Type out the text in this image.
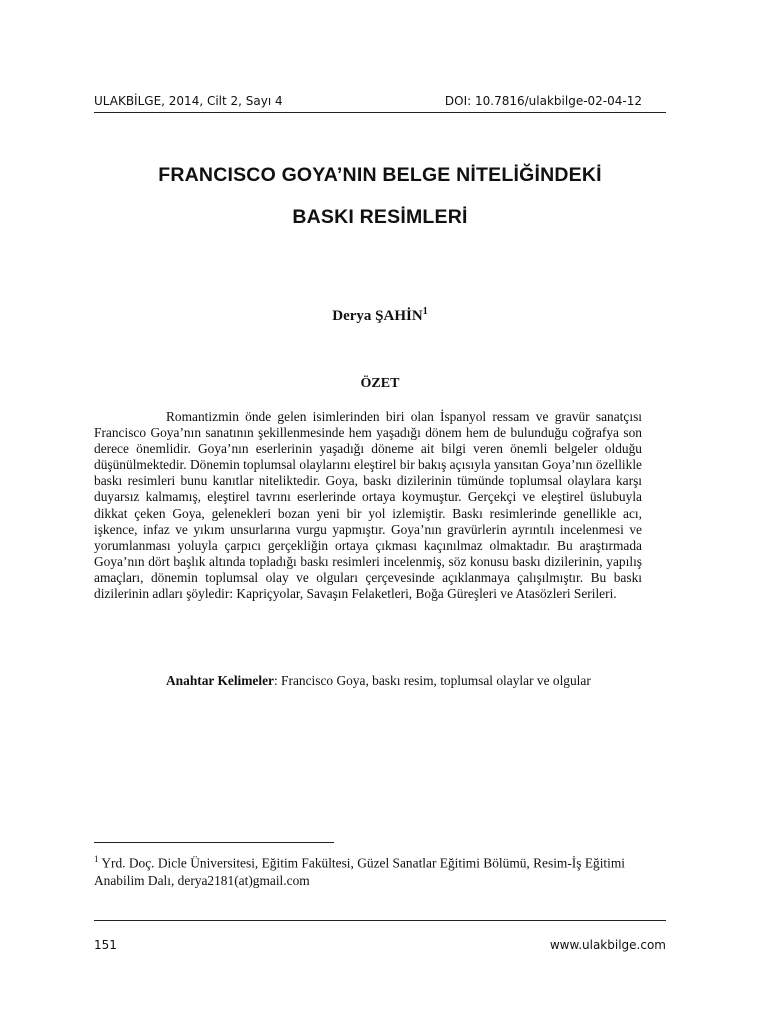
ULAKBİLGE, 2014, Cilt 2, Sayı 4	DOI: 10.7816/ulakbilge-02-04-12
FRANCISCO GOYA’NIN BELGE NİTELİĞİNDEKİ
BASKI RESİMLERİ
Derya ŞAHİN$^1$
ÖZET

Romantizmin önde gelen isimlerinden biri olan İspanyol ressam ve gravür sanatçısı Francisco Goya’nın sanatının şekillenmesinde hem yaşadığı dönem hem de bulunduğu coğrafya son derece önemlidir. Goya’nın eserlerinin yaşadığı döneme ait bilgi veren önemli belgeler olduğu düşünülmektedir. Dönemin toplumsal olaylarını eleştirel bir bakış açısıyla yansıtan Goya’nın özellikle baskı resimleri bunu kanıtlar niteliktedir. Goya, baskı dizilerinin tümünde toplumsal olaylara karşı duyarsız kalmamış, eleştirel tavrını eserlerinde ortaya koymuştur. Gerçekçi ve eleştirel üslubuyla dikkat çeken Goya, gelenekleri bozan yeni bir yol izlemiştir. Baskı resimlerinde genellikle acı, işkence, infaz ve yıkım unsurlarına vurgu yapmıştır. Goya’nın gravürlerin ayrıntılı incelenmesi ve yorumlanması yoluyla çarpıcı gerçekliğin ortaya çıkması kaçınılmaz olmaktadır. Bu araştırmada Goya’nın dört başlık altında topladığı baskı resimleri incelenmiş, söz konusu baskı dizilerinin, yapılış amaçları, dönemin toplumsal olay ve olguları çerçevesinde açıklanmaya çalışılmıştır. Bu baskı dizilerinin adları şöyledir: Kapriçyolar, Savaşın Felaketleri, Boğa Güreşleri ve Atasözleri Serileri.

Anahtar Kelimeler: Francisco Goya, baskı resim, toplumsal olaylar ve olgular

$^1$ Yrd. Doç. Dicle Üniversitesi, Eğitim Fakültesi, Güzel Sanatlar Eğitimi Bölümü, Resim-İş Eğitimi Anabilim Dalı, derya2181(at)gmail.com

151	www.ulakbilge.com
